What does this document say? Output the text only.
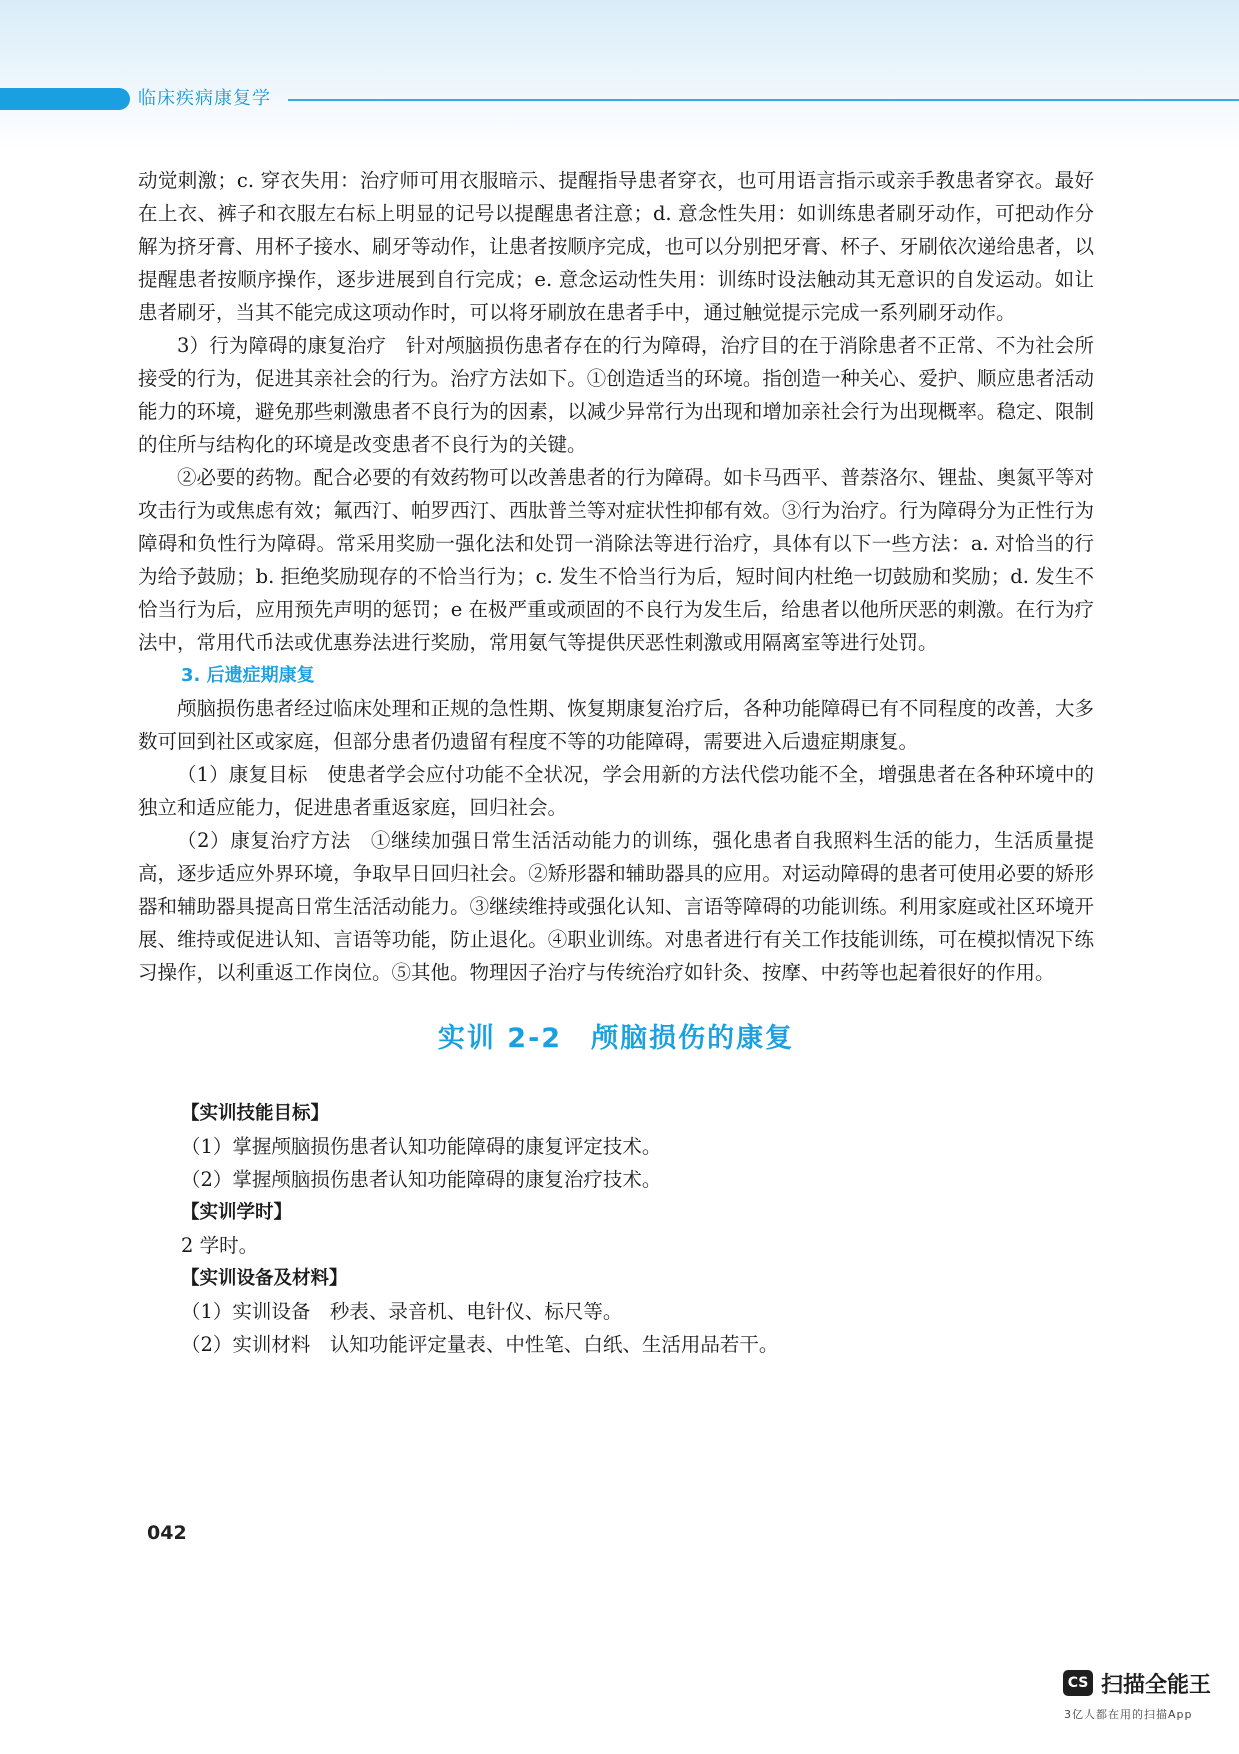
临床疾病康复学

动觉刺激；c. 穿衣失用：治疗师可用衣服暗示、提醒指导患者穿衣，也可用语言指示或亲手教患者穿衣。最好在上衣、裤子和衣服左右标上明显的记号以提醒患者注意；d. 意念性失用：如训练患者刷牙动作，可把动作分解为挤牙膏、用杯子接水、刷牙等动作，让患者按顺序完成，也可以分别把牙膏、杯子、牙刷依次递给患者，以提醒患者按顺序操作，逐步进展到自行完成；e. 意念运动性失用：训练时设法触动其无意识的自发运动。如让患者刷牙，当其不能完成这项动作时，可以将牙刷放在患者手中，通过触觉提示完成一系列刷牙动作。

3）行为障碍的康复治疗　针对颅脑损伤患者存在的行为障碍，治疗目的在于消除患者不正常、不为社会所接受的行为，促进其亲社会的行为。治疗方法如下。①创造适当的环境。指创造一种关心、爱护、顺应患者活动能力的环境，避免那些刺激患者不良行为的因素，以减少异常行为出现和增加亲社会行为出现概率。稳定、限制的住所与结构化的环境是改变患者不良行为的关键。

②必要的药物。配合必要的有效药物可以改善患者的行为障碍。如卡马西平、普萘洛尔、锂盐、奥氮平等对攻击行为或焦虑有效；氟西汀、帕罗西汀、西肽普兰等对症状性抑郁有效。③行为治疗。行为障碍分为正性行为障碍和负性行为障碍。常采用奖励一强化法和处罚一消除法等进行治疗，具体有以下一些方法：a. 对恰当的行为给予鼓励；b. 拒绝奖励现存的不恰当行为；c. 发生不恰当行为后，短时间内杜绝一切鼓励和奖励；d. 发生不恰当行为后，应用预先声明的惩罚；e 在极严重或顽固的不良行为发生后，给患者以他所厌恶的刺激。在行为疗法中，常用代币法或优惠券法进行奖励，常用氨气等提供厌恶性刺激或用隔离室等进行处罚。

3. 后遗症期康复

颅脑损伤患者经过临床处理和正规的急性期、恢复期康复治疗后，各种功能障碍已有不同程度的改善，大多数可回到社区或家庭，但部分患者仍遗留有程度不等的功能障碍，需要进入后遗症期康复。

（1）康复目标　使患者学会应付功能不全状况，学会用新的方法代偿功能不全，增强患者在各种环境中的独立和适应能力，促进患者重返家庭，回归社会。

（2）康复治疗方法　①继续加强日常生活活动能力的训练，强化患者自我照料生活的能力，生活质量提高，逐步适应外界环境，争取早日回归社会。②矫形器和辅助器具的应用。对运动障碍的患者可使用必要的矫形器和辅助器具提高日常生活活动能力。③继续维持或强化认知、言语等障碍的功能训练。利用家庭或社区环境开展、维持或促进认知、言语等功能，防止退化。④职业训练。对患者进行有关工作技能训练，可在模拟情况下练习操作，以利重返工作岗位。⑤其他。物理因子治疗与传统治疗如针灸、按摩、中药等也起着很好的作用。

实训 2-2　颅脑损伤的康复
【实训技能目标】
（1）掌握颅脑损伤患者认知功能障碍的康复评定技术。
（2）掌握颅脑损伤患者认知功能障碍的康复治疗技术。
【实训学时】
2 学时。
【实训设备及材料】
（1）实训设备　秒表、录音机、电针仪、标尺等。
（2）实训材料　认知功能评定量表、中性笔、白纸、生活用品若干。
042
CS 扫描全能王
3亿人都在用的扫描App
